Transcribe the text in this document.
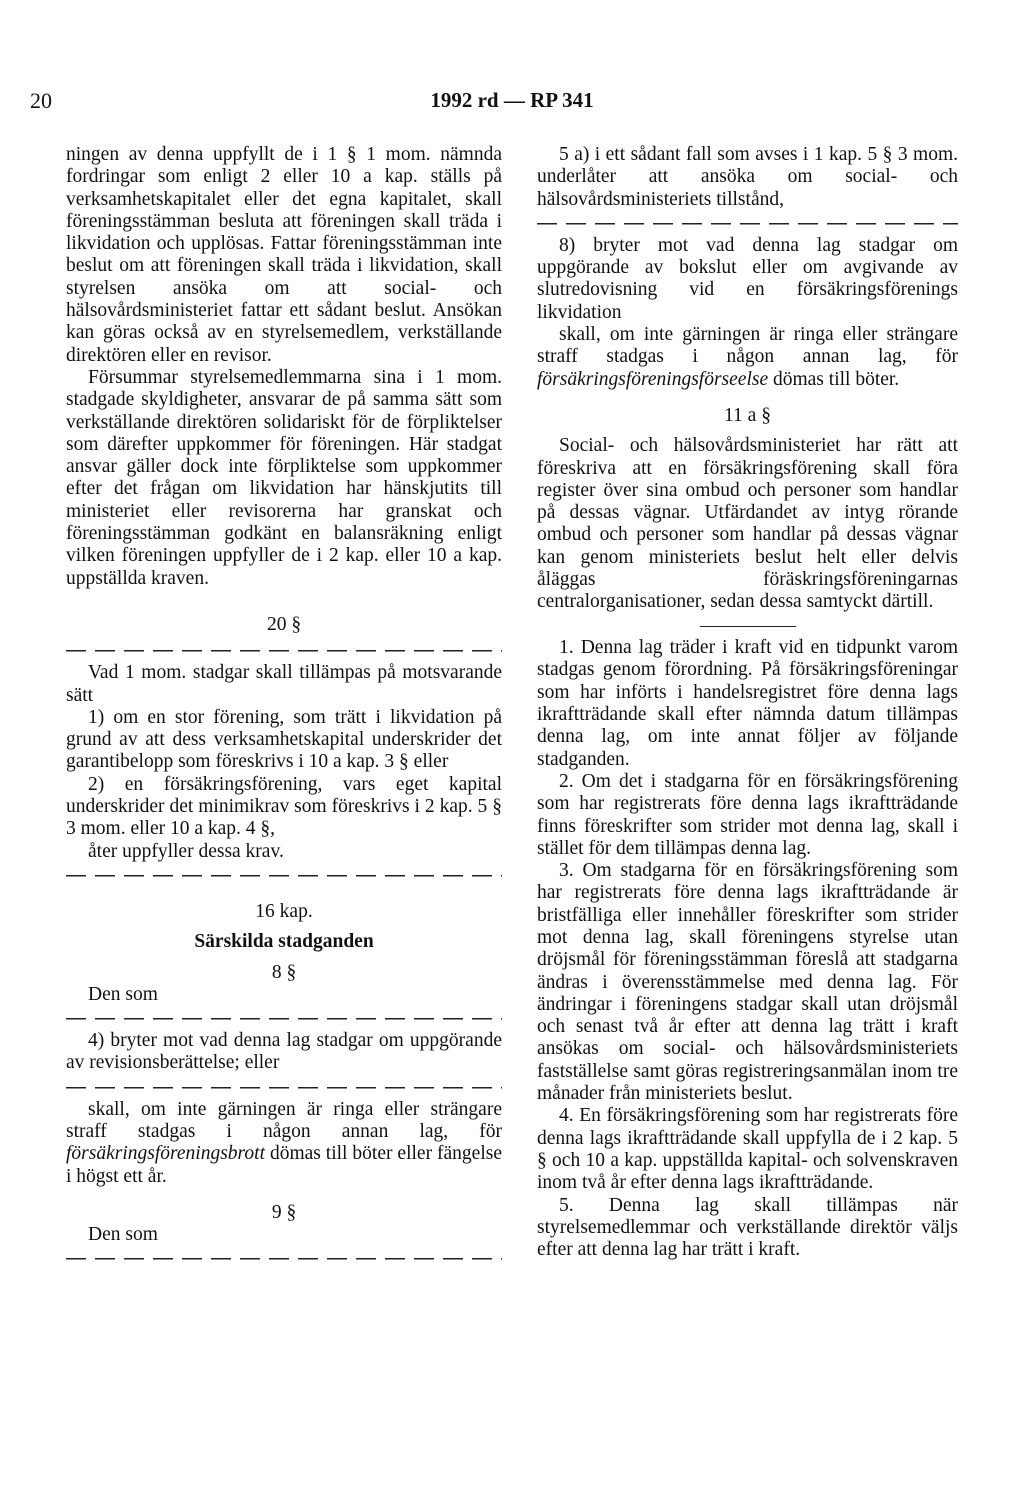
20	1992 rd — RP 341

ningen av denna uppfyllt de i 1 § 1 mom. nämnda fordringar som enligt 2 eller 10 a kap. ställs på verksamhetskapitalet eller det egna kapitalet, skall föreningsstämman besluta att föreningen skall träda i likvidation och upplösas. Fattar föreningsstämman inte beslut om att föreningen skall träda i likvidation, skall styrelsen ansöka om att social- och hälsovårdsministeriet fattar ett sådant beslut. Ansökan kan göras också av en styrelsemedlem, verkställande direktören eller en revisor.

Försummar styrelsemedlemmarna sina i 1 mom. stadgade skyldigheter, ansvarar de på samma sätt som verkställande direktören solidariskt för de förpliktelser som därefter uppkommer för föreningen. Här stadgat ansvar gäller dock inte förpliktelse som uppkommer efter det frågan om likvidation har hänskjutits till ministeriet eller revisorerna har granskat och föreningsstämman godkänt en balansräkning enligt vilken föreningen uppfyller de i 2 kap. eller 10 a kap. uppställda kraven.

20 §

Vad 1 mom. stadgar skall tillämpas på motsvarande sätt

1) om en stor förening, som trätt i likvidation på grund av att dess verksamhetskapital underskrider det garantibelopp som föreskrivs i 10 a kap. 3 § eller

2) en försäkringsförening, vars eget kapital underskrider det minimikrav som föreskrivs i 2 kap. 5 § 3 mom. eller 10 a kap. 4 §,

åter uppfyller dessa krav.

16 kap.

Särskilda stadganden

8 §

Den som

4) bryter mot vad denna lag stadgar om uppgörande av revisionsberättelse; eller

skall, om inte gärningen är ringa eller strängare straff stadgas i någon annan lag, för försäkringsföreningsbrott dömas till böter eller fängelse i högst ett år.

9 §

Den som

5 a) i ett sådant fall som avses i 1 kap. 5 § 3 mom. underlåter att ansöka om social- och hälsovårdsministeriets tillstånd,

8) bryter mot vad denna lag stadgar om uppgörande av bokslut eller om avgivande av slutredovisning vid en försäkringsförenings likvidation

skall, om inte gärningen är ringa eller strängare straff stadgas i någon annan lag, för försäkringsföreningsförseelse dömas till böter.

11 a §

Social- och hälsovårdsministeriet har rätt att föreskriva att en försäkringsförening skall föra register över sina ombud och personer som handlar på dessas vägnar. Utfärdandet av intyg rörande ombud och personer som handlar på dessas vägnar kan genom ministeriets beslut helt eller delvis åläggas föräskringsföreningarnas centralorganisationer, sedan dessa samtyckt därtill.

1. Denna lag träder i kraft vid en tidpunkt varom stadgas genom förordning. På försäkringsföreningar som har införts i handelsregistret före denna lags ikraftträdande skall efter nämnda datum tillämpas denna lag, om inte annat följer av följande stadganden.

2. Om det i stadgarna för en försäkringsförening som har registrerats före denna lags ikraftträdande finns föreskrifter som strider mot denna lag, skall i stället för dem tillämpas denna lag.

3. Om stadgarna för en försäkringsförening som har registrerats före denna lags ikraftträdande är bristfälliga eller innehåller föreskrifter som strider mot denna lag, skall föreningens styrelse utan dröjsmål för föreningsstämman föreslå att stadgarna ändras i överensstämmelse med denna lag. För ändringar i föreningens stadgar skall utan dröjsmål och senast två år efter att denna lag trätt i kraft ansökas om social- och hälsovårdsministeriets fastställelse samt göras registreringsanmälan inom tre månader från ministeriets beslut.

4. En försäkringsförening som har registrerats före denna lags ikraftträdande skall uppfylla de i 2 kap. 5 § och 10 a kap. uppställda kapital- och solvenskraven inom två år efter denna lags ikraftträdande.

5. Denna lag skall tillämpas när styrelsemedlemmar och verkställande direktör väljs efter att denna lag har trätt i kraft.
